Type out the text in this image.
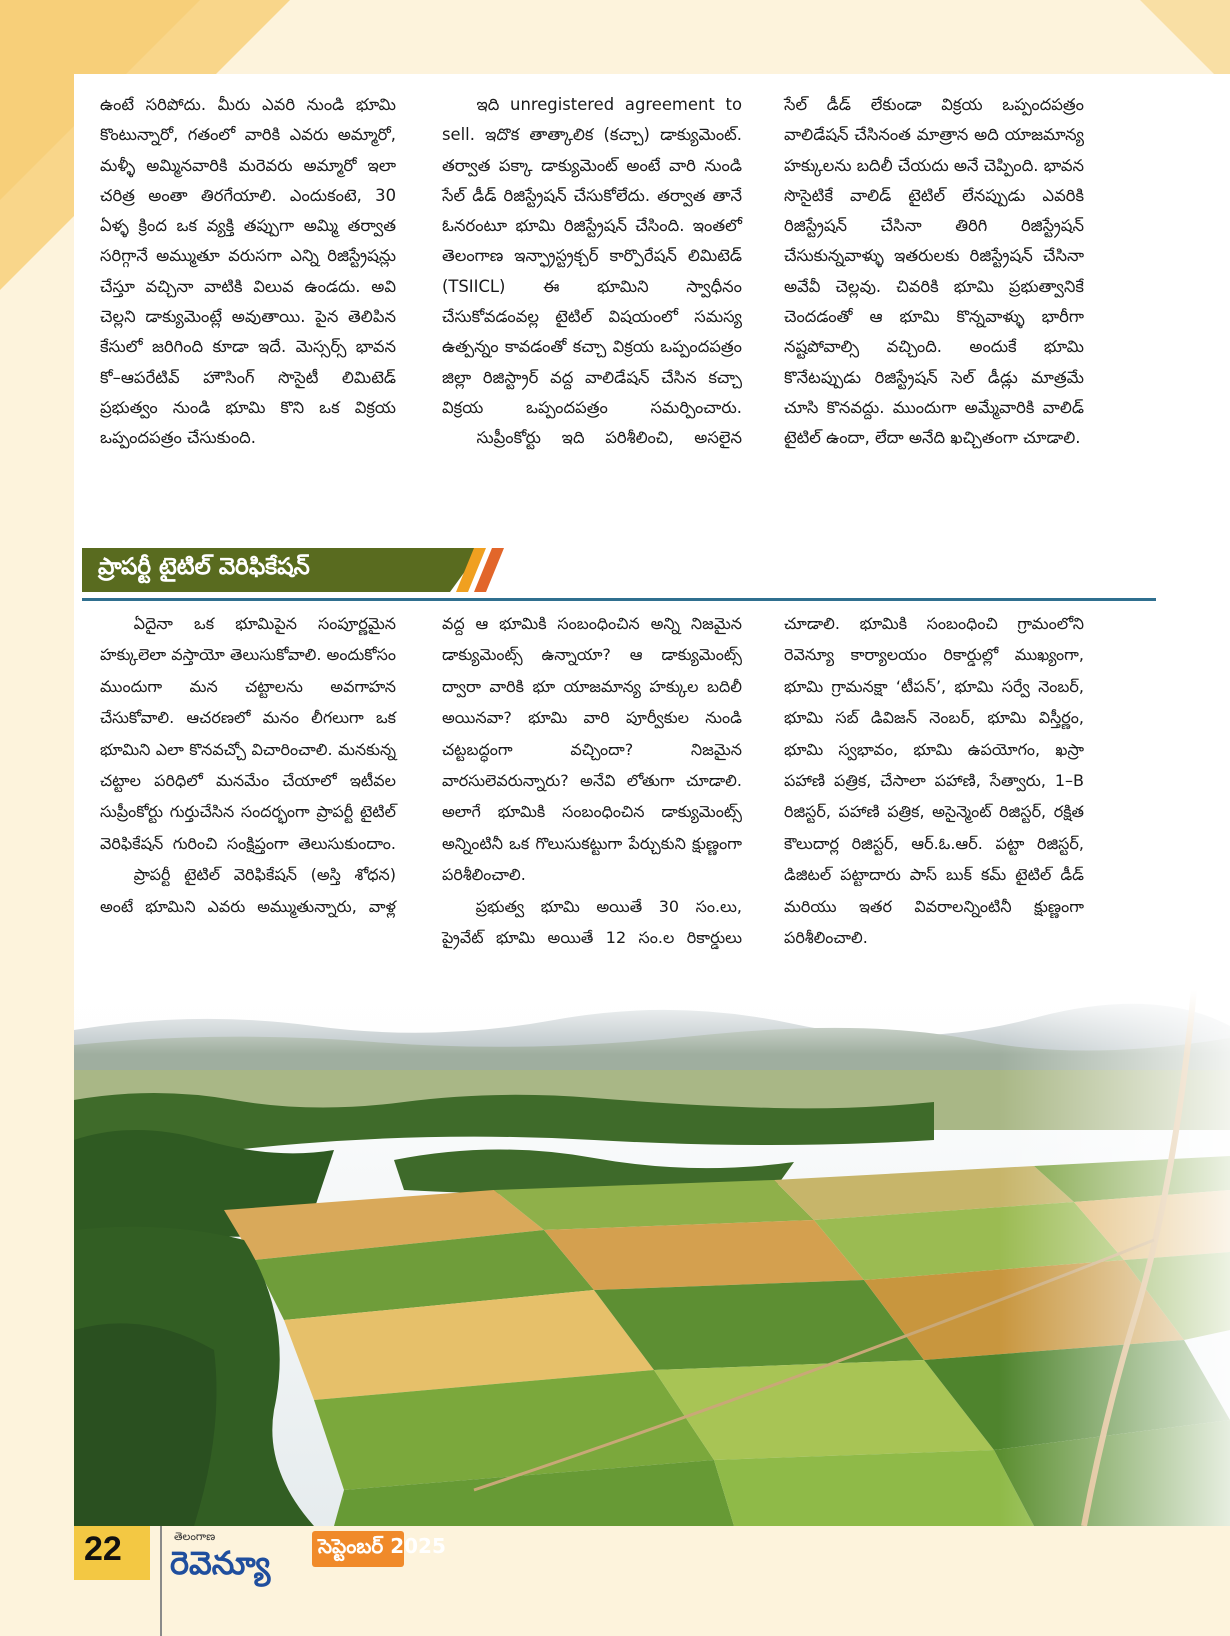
ఉంటే సరిపోదు. మీరు ఎవరి నుండి భూమి కొంటున్నారో, గతంలో వారికి ఎవరు అమ్మారో, మళ్ళీ అమ్మినవారికి మరెవరు అమ్మారో ఇలా చరిత్ర అంతా తిరగేయాలి. ఎందుకంటె, 30 ఏళ్ళ క్రింద ఒక వ్యక్తి తప్పుగా అమ్మి తర్వాత సరిగ్గానే అమ్ముతూ వరుసగా ఎన్ని రిజిస్ట్రేషన్లు చేస్తూ వచ్చినా వాటికి విలువ ఉండదు. అవి చెల్లని డాక్యుమెంట్లే అవుతాయి. పైన తెలిపిన కేసులో జరిగింది కూడా ఇదే. మెస్సర్స్ భావన కో–ఆపరేటివ్ హౌసింగ్ సొసైటీ లిమిటెడ్ ప్రభుత్వం నుండి భూమి కొని ఒక విక్రయ ఒప్పందపత్రం చేసుకుంది.

ఇది unregistered agreement to sell. ఇదొక తాత్కాలిక (కచ్చా) డాక్యుమెంట్. తర్వాత పక్కా డాక్యుమెంట్ అంటే వారి నుండి సేల్ డీడ్ రిజిస్ట్రేషన్ చేసుకోలేదు. తర్వాత తానే ఓనరంటూ భూమి రిజిస్ట్రేషన్ చేసింది. ఇంతలో తెలంగాణ ఇన్ఫ్రాస్ట్రక్చర్ కార్పొరేషన్ లిమిటెడ్ (TSIICL) ఈ భూమిని స్వాధీనం చేసుకోవడంవల్ల టైటిల్ విషయంలో సమస్య ఉత్పన్నం కావడంతో కచ్చా విక్రయ ఒప్పందపత్రం జిల్లా రిజిస్ట్రార్ వద్ద వాలిడేషన్ చేసిన కచ్చా విక్రయ ఒప్పందపత్రం సమర్పించారు.

సుప్రీంకోర్టు ఇది పరిశీలించి, అసలైన

సేల్ డీడ్ లేకుండా విక్రయ ఒప్పందపత్రం వాలిడేషన్ చేసినంత మాత్రాన అది యాజమాన్య హక్కులను బదిలీ చేయదు అనే చెప్పింది. భావన సొసైటికే వాలిడ్ టైటిల్ లేనప్పుడు ఎవరికి రిజిస్ట్రేషన్ చేసినా తిరిగి రిజిస్ట్రేషన్ చేసుకున్నవాళ్ళు ఇతరులకు రిజిస్ట్రేషన్ చేసినా అవేవీ చెల్లవు. చివరికి భూమి ప్రభుత్వానికే చెందడంతో ఆ భూమి కొన్నవాళ్ళు భారీగా నష్టపోవాల్సి వచ్చింది. అందుకే భూమి కొనేటప్పుడు రిజిస్ట్రేషన్ సెల్ డీడ్లు మాత్రమే చూసి కొనవద్దు. ముందుగా అమ్మేవారికి వాలిడ్ టైటిల్ ఉందా, లేదా అనేది ఖచ్చితంగా చూడాలి.

ప్రాపర్టీ టైటిల్ వెరిఫికేషన్

ఏదైనా ఒక భూమిపైన సంపూర్ణమైన హక్కులెలా వస్తాయో తెలుసుకోవాలి. అందుకోసం ముందుగా మన చట్టాలను అవగాహన చేసుకోవాలి. ఆచరణలో మనం లీగలుగా ఒక భూమిని ఎలా కొనవచ్చో విచారించాలి. మనకున్న చట్టాల పరిధిలో మనమేం చేయాలో ఇటీవల సుప్రీంకోర్టు గుర్తుచేసిన సందర్భంగా ప్రాపర్టీ టైటిల్ వెరిఫికేషన్ గురించి సంక్షిప్తంగా తెలుసుకుందాం.

ప్రాపర్టీ టైటిల్ వెరిఫికేషన్ (అస్తి శోధన) అంటే భూమిని ఎవరు అమ్ముతున్నారు, వాళ్ల

వద్ద ఆ భూమికి సంబంధించిన అన్ని నిజమైన డాక్యుమెంట్స్ ఉన్నాయా? ఆ డాక్యుమెంట్స్ ద్వారా వారికి భూ యాజమాన్య హక్కుల బదిలీ అయినవా? భూమి వారి పూర్వీకుల నుండి చట్టబద్ధంగా వచ్చిందా? నిజమైన వారసులెవరున్నారు? అనేవి లోతుగా చూడాలి. అలాగే భూమికి సంబంధించిన డాక్యుమెంట్స్ అన్నింటినీ ఒక గొలుసుకట్టుగా పేర్చుకుని క్షుణ్ణంగా పరిశీలించాలి.

ప్రభుత్వ భూమి అయితే 30 సం.లు, ప్రైవేట్ భూమి అయితే 12 సం.ల రికార్డులు

చూడాలి. భూమికి సంబంధించి గ్రామంలోని రెవెన్యూ కార్యాలయం రికార్డుల్లో ముఖ్యంగా, భూమి గ్రామనక్షా ‘టీపన్’, భూమి సర్వే నెంబర్, భూమి సబ్ డివిజన్ నెంబర్, భూమి విస్తీర్ణం, భూమి స్వభావం, భూమి ఉపయోగం, ఖస్రా పహాణి పత్రిక, చేసాలా పహాణి, సేత్వారు, 1–B రిజిస్టర్, పహాణి పత్రిక, అసైన్మెంట్ రిజిస్టర్, రక్షిత కౌలుదార్ల రిజిస్టర్, ఆర్.ఓ.ఆర్. పట్టా రిజిస్టర్, డిజిటల్ పట్టాదారు పాస్ బుక్ కమ్ టైటిల్ డీడ్ మరియు ఇతర వివరాలన్నింటినీ క్షుణ్ణంగా పరిశీలించాలి.

22	తెలంగాణ
రెవెన్యూ సెప్టెంబర్ 2025
